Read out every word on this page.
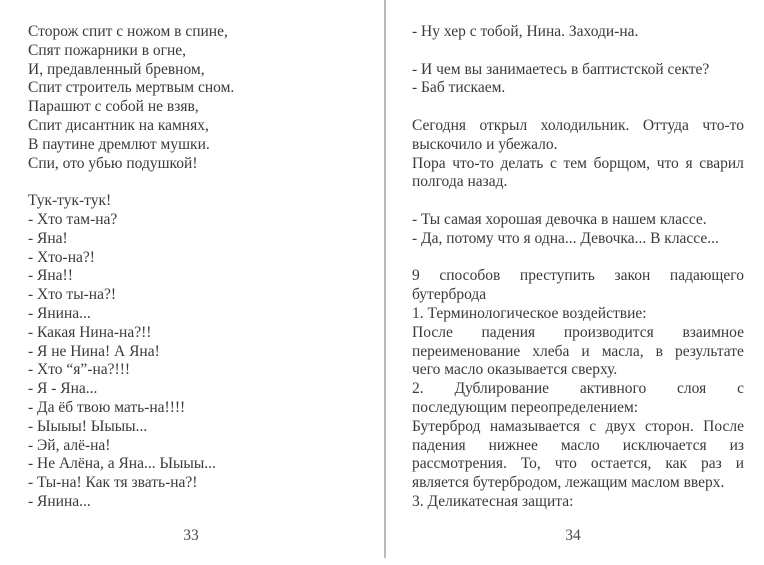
Сторож спит с ножом в спине,
Спят пожарники в огне,
И, предавленный бревном,
Спит строитель мертвым сном.
Парашют с собой не взяв,
Спит дисантник на камнях,
В паутине дремлют мушки.
Спи, ото убью подушкой!

Тук-тук-тук!
- Хто там-на?
- Яна!
- Хто-на?!
- Яна!!
- Хто ты-на?!
- Янина...
- Какая Нина-на?!!
- Я не Нина! А Яна!
- Хто “я”-на?!!!
- Я - Яна...
- Да ёб твою мать-на!!!!
- Ыыыы! Ыыыы...
- Эй, алё-на!
- Не Алёна, а Яна... Ыыыы...
- Ты-на! Как тя звать-на?!
- Янина...
- Ну хер с тобой, Нина. Заходи-на.

- И чем вы занимаетесь в баптистской секте?
- Баб тискаем.

Сегодня открыл холодильник. Оттуда что-то
выскочило и убежало.
Пора что-то делать с тем борщом, что я сварил
полгода назад.

- Ты самая хорошая девочка в нашем классе.
- Да, потому что я одна... Девочка... В классе...

9 способов преступить закон падающего
бутерброда
1. Терминологическое воздействие:
После падения производится взаимное
переименование хлеба и масла, в результате
чего масло оказывается сверху.
2. Дублирование активного слоя с
последующим переопределением:
Бутерброд намазывается с двух сторон. После
падения нижнее масло исключается из
рассмотрения. То, что остается, как раз и
является бутербродом, лежащим маслом вверх.
3. Деликатесная защита:
33	34
